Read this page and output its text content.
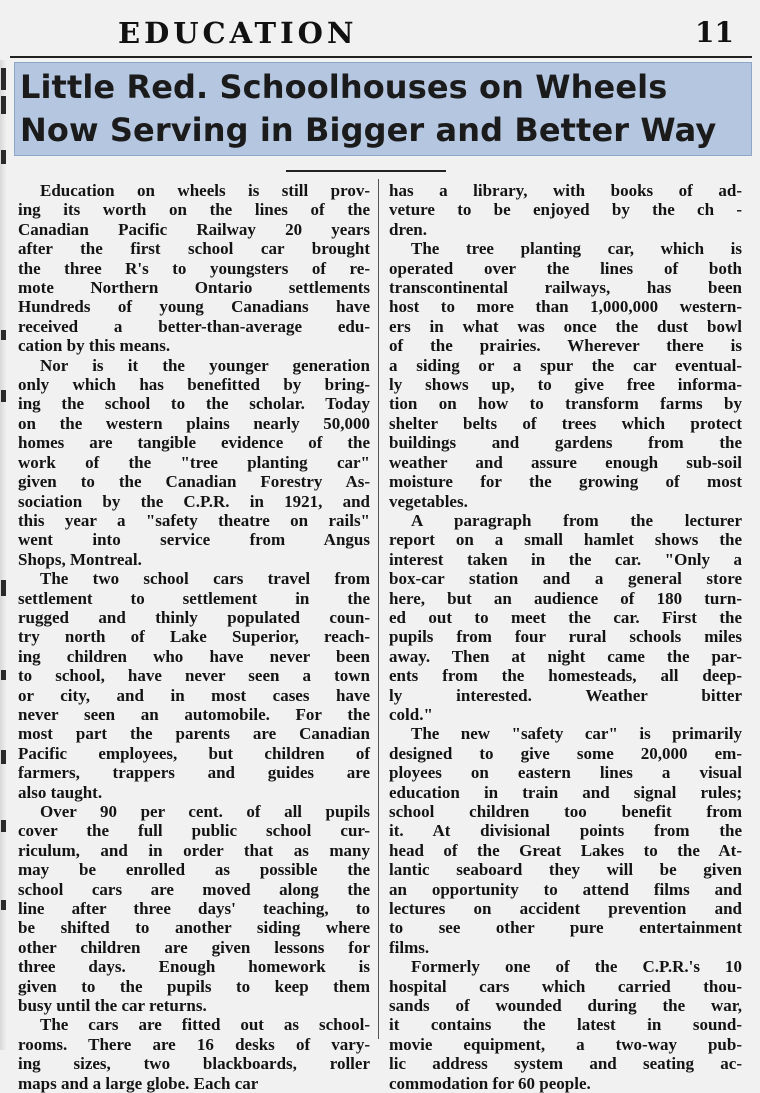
EDUCATION	11
Little Red. Schoolhouses on Wheels
Now Serving in Bigger and Better Way
Education on wheels is still prov-
ing its worth on the lines of the
Canadian Pacific Railway 20 years
after the first school car brought
the three R's to youngsters of re-
mote Northern Ontario settlements
Hundreds of young Canadians have
received a better-than-average edu-
cation by this means.
Nor is it the younger generation
only which has benefitted by bring-
ing the school to the scholar. Today
on the western plains nearly 50,000
homes are tangible evidence of the
work of the "tree planting car"
given to the Canadian Forestry As-
sociation by the C.P.R. in 1921, and
this year a "safety theatre on rails"
went into service from Angus
Shops, Montreal.
The two school cars travel from
settlement to settlement in the
rugged and thinly populated coun-
try north of Lake Superior, reach-
ing children who have never been
to school, have never seen a town
or city, and in most cases have
never seen an automobile. For the
most part the parents are Canadian
Pacific employees, but children of
farmers, trappers and guides are
also taught.
Over 90 per cent. of all pupils
cover the full public school cur-
riculum, and in order that as many
may be enrolled as possible the
school cars are moved along the
line after three days' teaching, to
be shifted to another siding where
other children are given lessons for
three days. Enough homework is
given to the pupils to keep them
busy until the car returns.
The cars are fitted out as school-
rooms. There are 16 desks of vary-
ing sizes, two blackboards, roller
maps and a large globe. Each car
has a library, with books of ad-
veture to be enjoyed by the ch -
dren.
The tree planting car, which is
operated over the lines of both
transcontinental railways, has been
host to more than 1,000,000 western-
ers in what was once the dust bowl
of the prairies. Wherever there is
a siding or a spur the car eventual-
ly shows up, to give free informa-
tion on how to transform farms by
shelter belts of trees which protect
buildings and gardens from the
weather and assure enough sub-soil
moisture for the growing of most
vegetables.
A paragraph from the lecturer
report on a small hamlet shows the
interest taken in the car. "Only a
box-car station and a general store
here, but an audience of 180 turn-
ed out to meet the car. First the
pupils from four rural schools miles
away. Then at night came the par-
ents from the homesteads, all deep-
ly interested. Weather bitter
cold."
The new "safety car" is primarily
designed to give some 20,000 em-
ployees on eastern lines a visual
education in train and signal rules;
school children too benefit from
it. At divisional points from the
head of the Great Lakes to the At-
lantic seaboard they will be given
an opportunity to attend films and
lectures on accident prevention and
to see other pure entertainment
films.
Formerly one of the C.P.R.'s 10
hospital cars which carried thou-
sands of wounded during the war,
it contains the latest in sound-
movie equipment, a two-way pub-
lic address system and seating ac-
commodation for 60 people.
